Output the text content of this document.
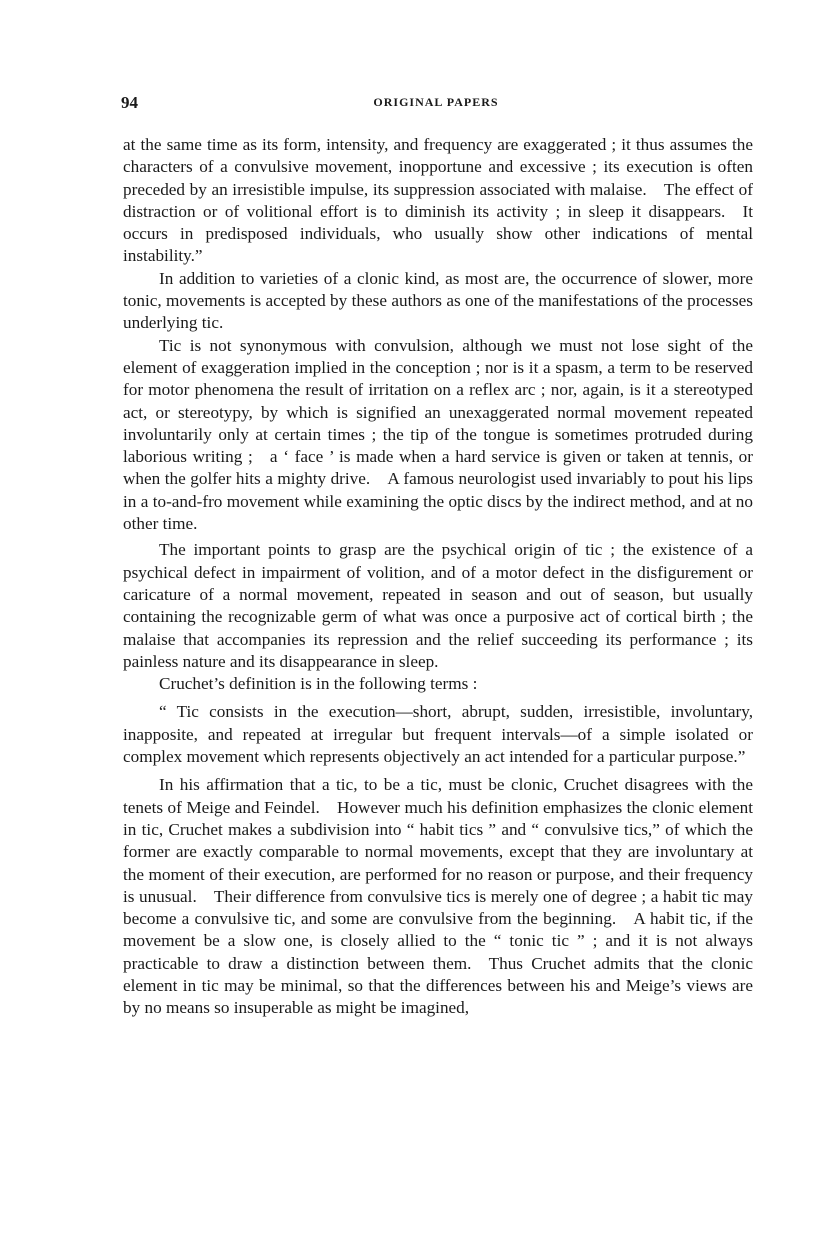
94	ORIGINAL PAPERS

at the same time as its form, intensity, and frequency are exaggerated ; it thus assumes the characters of a convulsive movement, inopportune and excessive ; its execution is often preceded by an irresistible impulse, its suppression associated with malaise. The effect of distraction or of volitional effort is to diminish its activity ; in sleep it disappears. It occurs in predisposed individuals, who usually show other indications of mental instability.”

In addition to varieties of a clonic kind, as most are, the occurrence of slower, more tonic, movements is accepted by these authors as one of the manifestations of the processes underlying tic.

Tic is not synonymous with convulsion, although we must not lose sight of the element of exaggeration implied in the conception ; nor is it a spasm, a term to be reserved for motor phenomena the result of irritation on a reflex arc ; nor, again, is it a stereotyped act, or stereotypy, by which is signified an unexaggerated normal movement repeated involuntarily only at certain times ; the tip of the tongue is sometimes protruded during laborious writing ; a ‘ face ’ is made when a hard service is given or taken at tennis, or when the golfer hits a mighty drive. A famous neurologist used invariably to pout his lips in a to-and-fro movement while examining the optic discs by the indirect method, and at no other time.

The important points to grasp are the psychical origin of tic ; the existence of a psychical defect in impairment of volition, and of a motor defect in the disfigurement or caricature of a normal movement, repeated in season and out of season, but usually containing the recognizable germ of what was once a purposive act of cortical birth ; the malaise that accompanies its repression and the relief succeeding its performance ; its painless nature and its disappearance in sleep.

Cruchet’s definition is in the following terms :

“ Tic consists in the execution—short, abrupt, sudden, irresistible, involuntary, inapposite, and repeated at irregular but frequent intervals—of a simple isolated or complex movement which represents objectively an act intended for a particular purpose.”

In his affirmation that a tic, to be a tic, must be clonic, Cruchet disagrees with the tenets of Meige and Feindel. However much his definition emphasizes the clonic element in tic, Cruchet makes a subdivision into “ habit tics ” and “ convulsive tics,” of which the former are exactly comparable to normal movements, except that they are involuntary at the moment of their execution, are performed for no reason or purpose, and their frequency is unusual. Their difference from convulsive tics is merely one of degree ; a habit tic may become a convulsive tic, and some are convulsive from the beginning. A habit tic, if the movement be a slow one, is closely allied to the “ tonic tic ” ; and it is not always practicable to draw a distinction between them. Thus Cruchet admits that the clonic element in tic may be minimal, so that the differences between his and Meige’s views are by no means so insuperable as might be imagined,
